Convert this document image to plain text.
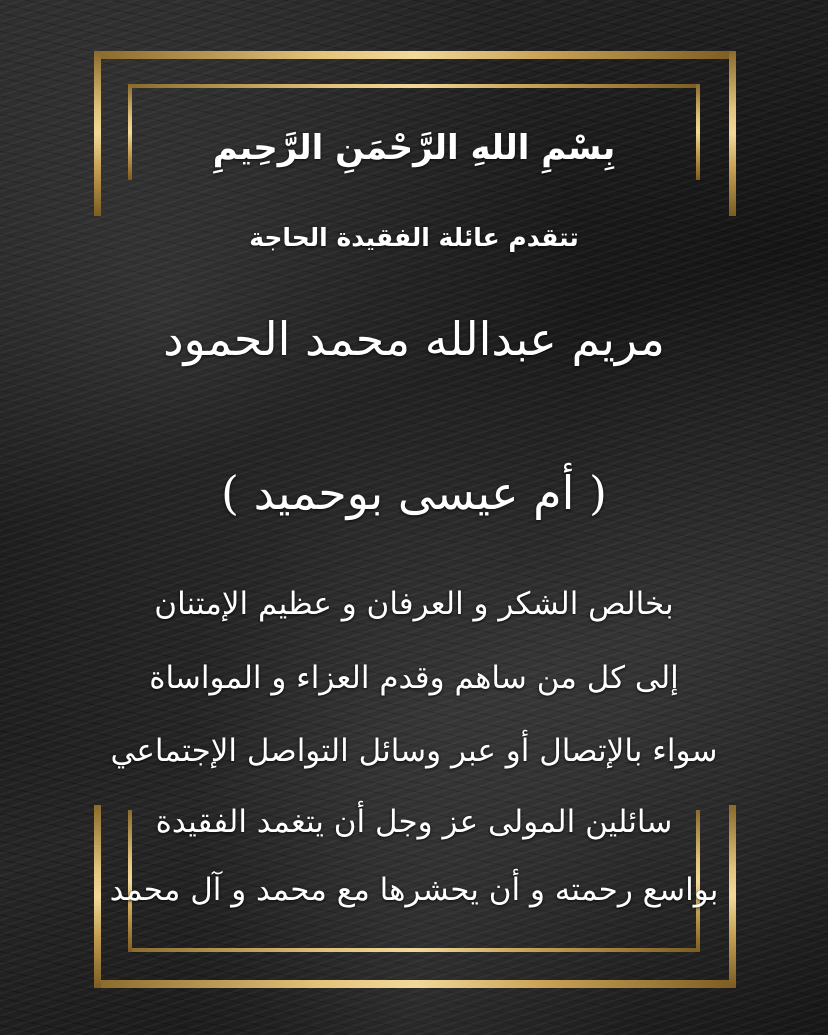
بِسْمِ اللهِ الرَّحْمَنِ الرَّحِيمِ
تتقدم عائلة الفقيدة الحاجة
مريم عبدالله محمد الحمود
( أم عيسى بوحميد )
بخالص الشكر و العرفان و عظيم الإمتنان
إلى كل من ساهم وقدم العزاء و المواساة
سواء بالإتصال أو عبر وسائل التواصل الإجتماعي
سائلين المولى عز وجل أن يتغمد الفقيدة
بواسع رحمته و أن يحشرها مع محمد و آل محمد
